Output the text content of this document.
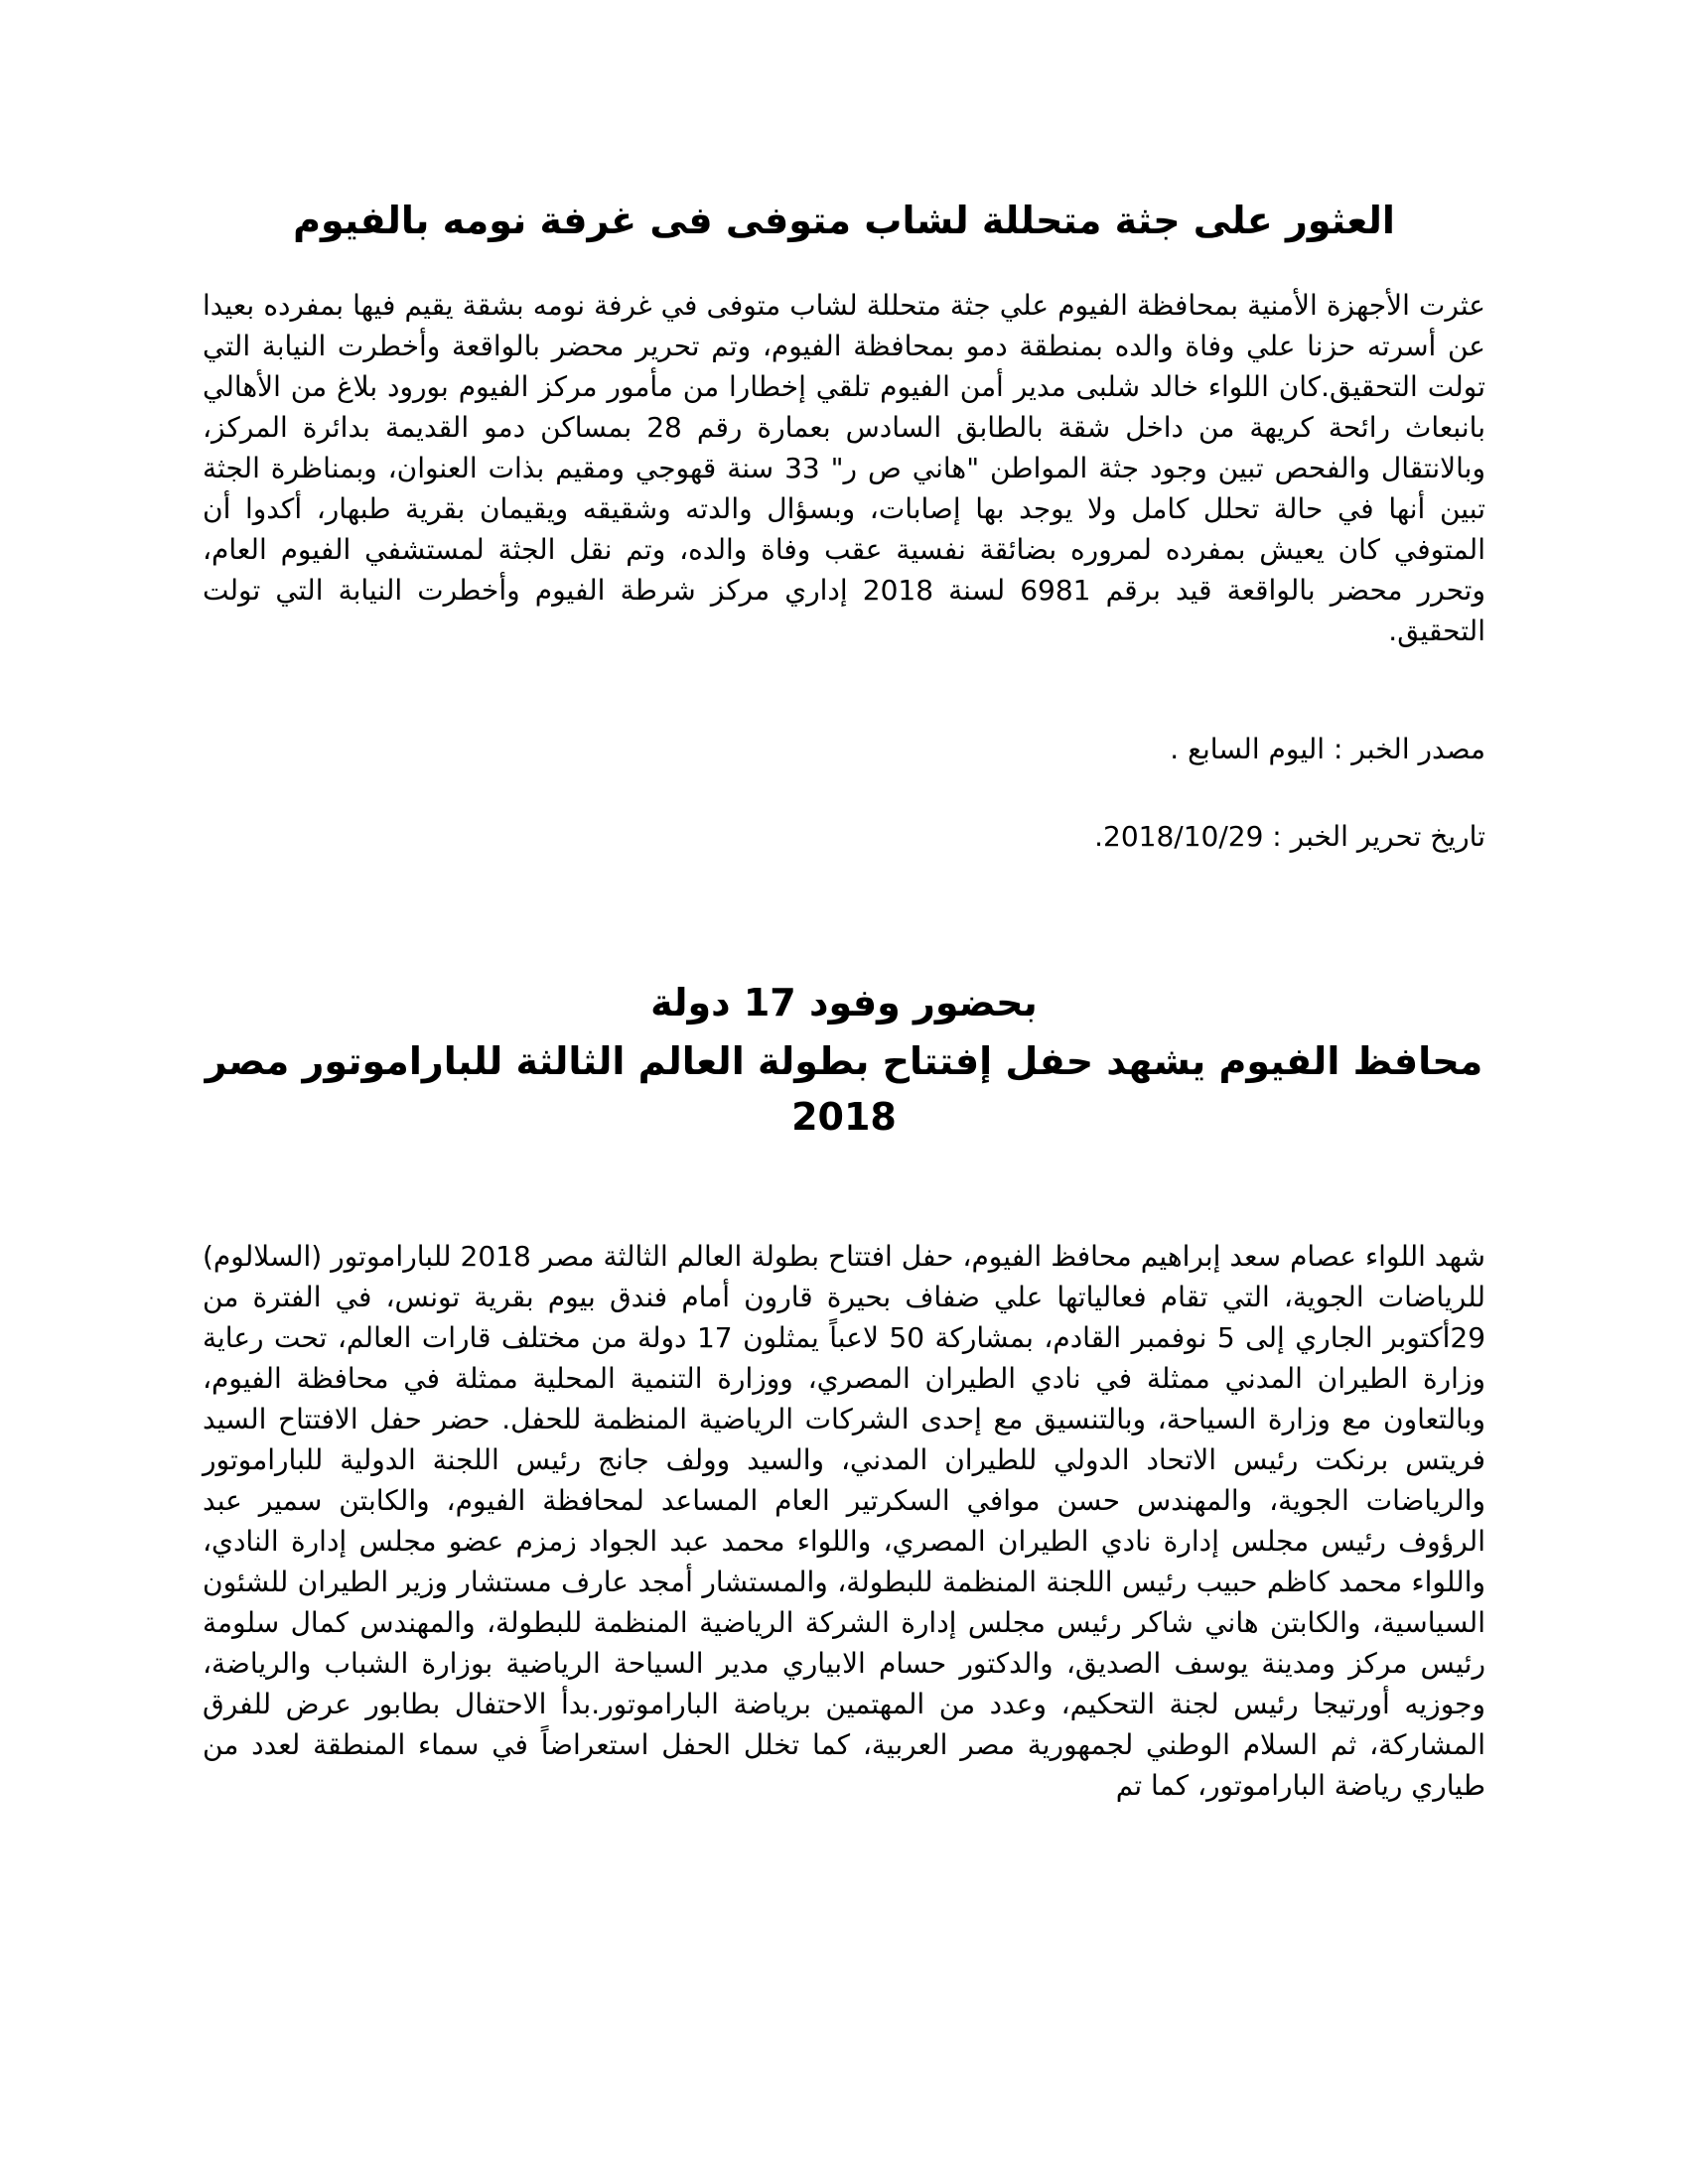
العثور على جثة متحللة لشاب متوفى فى غرفة نومه بالفيوم

عثرت الأجهزة الأمنية بمحافظة الفيوم علي جثة متحللة لشاب متوفى في غرفة نومه بشقة يقيم فيها بمفرده بعيدا عن أسرته حزنا علي وفاة والده بمنطقة دمو بمحافظة الفيوم، وتم تحرير محضر بالواقعة وأخطرت النيابة التي تولت التحقيق.كان اللواء خالد شلبى مدير أمن الفيوم تلقي إخطارا من مأمور مركز الفيوم بورود بلاغ من الأهالي بانبعاث رائحة كريهة من داخل شقة بالطابق السادس بعمارة رقم 28 بمساكن دمو القديمة بدائرة المركز، وبالانتقال والفحص تبين وجود جثة المواطن "هاني ص ر" 33 سنة قهوجي ومقيم بذات العنوان، وبمناظرة الجثة تبين أنها في حالة تحلل كامل ولا يوجد بها إصابات، وبسؤال والدته وشقيقه ويقيمان بقرية طبهار، أكدوا أن المتوفي كان يعيش بمفرده لمروره بضائقة نفسية عقب وفاة والده، وتم نقل الجثة لمستشفي الفيوم العام، وتحرر محضر بالواقعة قيد برقم 6981 لسنة 2018 إداري مركز شرطة الفيوم وأخطرت النيابة التي تولت التحقيق.

مصدر الخبر : اليوم السابع .

تاريخ تحرير الخبر : 2018/10/29.

بحضور وفود 17 دولة
محافظ الفيوم يشهد حفل إفتتاح بطولة العالم الثالثة للباراموتور مصر 2018

شهد اللواء عصام سعد إبراهيم محافظ الفيوم، حفل افتتاح بطولة العالم الثالثة مصر 2018 للباراموتور (السلالوم) للرياضات الجوية، التي تقام فعالياتها علي ضفاف بحيرة قارون أمام فندق بيوم بقرية تونس، في الفترة من 29أكتوبر الجاري إلى 5 نوفمبر القادم، بمشاركة 50 لاعباً يمثلون 17 دولة من مختلف قارات العالم، تحت رعاية وزارة الطيران المدني ممثلة في نادي الطيران المصري، ووزارة التنمية المحلية ممثلة في محافظة الفيوم، وبالتعاون مع وزارة السياحة، وبالتنسيق مع إحدى الشركات الرياضية المنظمة للحفل. حضر حفل الافتتاح السيد فريتس برنكت رئيس الاتحاد الدولي للطيران المدني، والسيد وولف جانج رئيس اللجنة الدولية للباراموتور والرياضات الجوية، والمهندس حسن موافي السكرتير العام المساعد لمحافظة الفيوم، والكابتن سمير عبد الرؤوف رئيس مجلس إدارة نادي الطيران المصري، واللواء محمد عبد الجواد زمزم عضو مجلس إدارة النادي، واللواء محمد كاظم حبيب رئيس اللجنة المنظمة للبطولة، والمستشار أمجد عارف مستشار وزير الطيران للشئون السياسية، والكابتن هاني شاكر رئيس مجلس إدارة الشركة الرياضية المنظمة للبطولة، والمهندس كمال سلومة رئيس مركز ومدينة يوسف الصديق، والدكتور حسام الابياري مدير السياحة الرياضية بوزارة الشباب والرياضة، وجوزيه أورتيجا رئيس لجنة التحكيم، وعدد من المهتمين برياضة الباراموتور.بدأ الاحتفال بطابور عرض للفرق المشاركة، ثم السلام الوطني لجمهورية مصر العربية، كما تخلل الحفل استعراضاً في سماء المنطقة لعدد من طياري رياضة الباراموتور، كما تم
